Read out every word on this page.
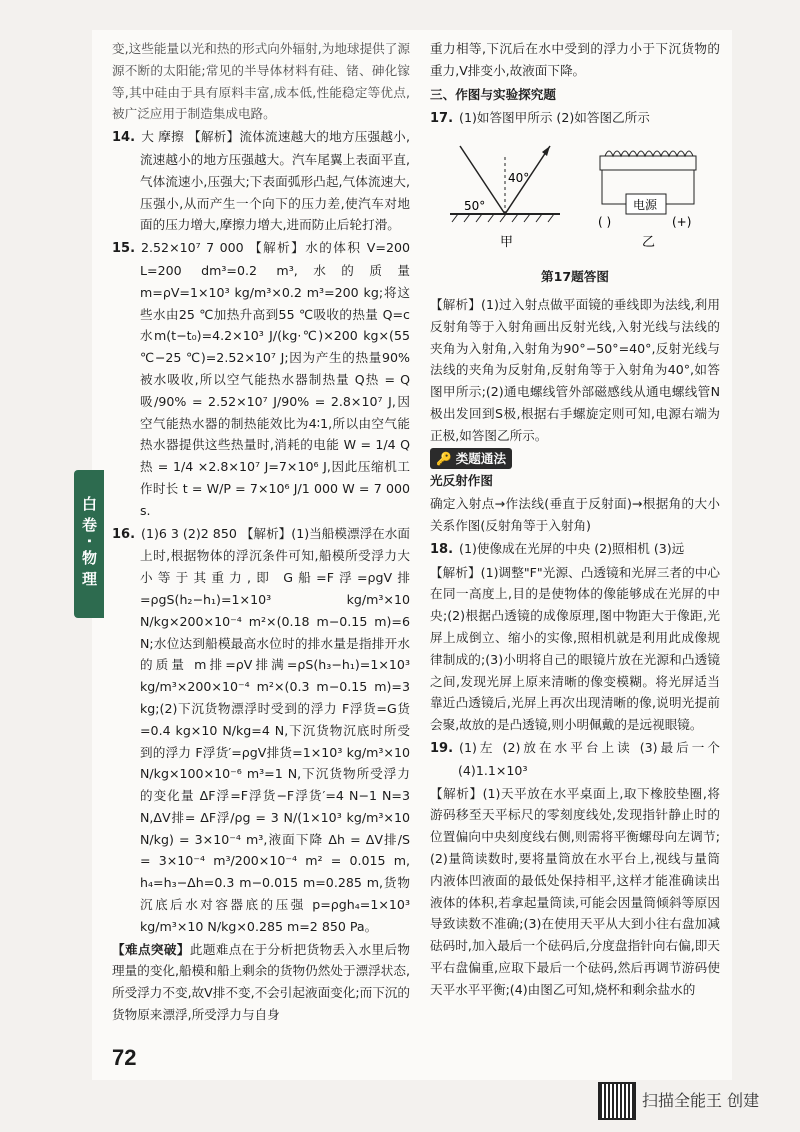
白卷·物理

变,这些能量以光和热的形式向外辐射,为地球提供了源源不断的太阳能;常见的半导体材料有硅、锗、砷化镓等,其中硅由于具有原料丰富,成本低,性能稳定等优点,被广泛应用于制造集成电路。

14. 大 摩擦 【解析】流体流速越大的地方压强越小,流速越小的地方压强越大。汽车尾翼上表面平直,气体流速小,压强大;下表面弧形凸起,气体流速大,压强小,从而产生一个向下的压力差,使汽车对地面的压力增大,摩擦力增大,进而防止后轮打滑。

15. 2.52×10⁷ 7 000 【解析】水的体积 V=200 L=200 dm³=0.2 m³,水的质量 m=ρV=1×10³ kg/m³×0.2 m³=200 kg;将这些水由25 ℃加热升高到55 ℃吸收的热量 Q=c水m(t−t₀)=4.2×10³ J/(kg·℃)×200 kg×(55 ℃−25 ℃)=2.52×10⁷ J;因为产生的热量90%被水吸收,所以空气能热水器制热量 Q热 = Q吸/90% = 2.52×10⁷ J/90% = 2.8×10⁷ J,因空气能热水器的制热能效比为4∶1,所以由空气能热水器提供这些热量时,消耗的电能 W = 1/4 Q热 = 1/4 ×2.8×10⁷ J=7×10⁶ J,因此压缩机工作时长 t = W/P = 7×10⁶ J/1 000 W = 7 000 s.

16. (1)6 3 (2)2 850 【解析】(1)当船模漂浮在水面上时,根据物体的浮沉条件可知,船模所受浮力大小等于其重力,即 G船=F浮=ρgV排=ρgS(h₂−h₁)=1×10³ kg/m³×10 N/kg×200×10⁻⁴ m²×(0.18 m−0.15 m)=6 N;水位达到船模最高水位时的排水量是指排开水的质量 m排=ρV排满=ρS(h₃−h₁)=1×10³ kg/m³×200×10⁻⁴ m²×(0.3 m−0.15 m)=3 kg;(2)下沉货物漂浮时受到的浮力 F浮货=G货=0.4 kg×10 N/kg=4 N,下沉货物沉底时所受到的浮力 F浮货′=ρgV排货=1×10³ kg/m³×10 N/kg×100×10⁻⁶ m³=1 N,下沉货物所受浮力的变化量 ΔF浮=F浮货−F浮货′=4 N−1 N=3 N,ΔV排= ΔF浮/ρg = 3 N/(1×10³ kg/m³×10 N/kg) = 3×10⁻⁴ m³,液面下降 Δh = ΔV排/S = 3×10⁻⁴ m³/200×10⁻⁴ m² = 0.015 m, h₄=h₃−Δh=0.3 m−0.015 m=0.285 m,货物沉底后水对容器底的压强 p=ρgh₄=1×10³ kg/m³×10 N/kg×0.285 m=2 850 Pa。

【难点突破】此题难点在于分析把货物丢入水里后物理量的变化,船模和船上剩余的货物仍然处于漂浮状态,所受浮力不变,故V排不变,不会引起液面变化;而下沉的货物原来漂浮,所受浮力与自身

重力相等,下沉后在水中受到的浮力小于下沉货物的重力,V排变小,故液面下降。

三、作图与实验探究题

17. (1)如答图甲所示 (2)如答图乙所示

50°
40°
甲
电源
( )	(+)
乙

第17题答图

【解析】(1)过入射点做平面镜的垂线即为法线,利用反射角等于入射角画出反射光线,入射光线与法线的夹角为入射角,入射角为90°−50°=40°,反射光线与法线的夹角为反射角,反射角等于入射角为40°,如答图甲所示;(2)通电螺线管外部磁感线从通电螺线管N极出发回到S极,根据右手螺旋定则可知,电源右端为正极,如答图乙所示。

🔑 类题通法

光反射作图

确定入射点→作法线(垂直于反射面)→根据角的大小关系作图(反射角等于入射角)

18. (1)使像成在光屏的中央 (2)照相机 (3)远

【解析】(1)调整"F"光源、凸透镜和光屏三者的中心在同一高度上,目的是使物体的像能够成在光屏的中央;(2)根据凸透镜的成像原理,图中物距大于像距,光屏上成倒立、缩小的实像,照相机就是利用此成像规律制成的;(3)小明将自己的眼镜片放在光源和凸透镜之间,发现光屏上原来清晰的像变模糊。将光屏适当靠近凸透镜后,光屏上再次出现清晰的像,说明光提前会聚,故放的是凸透镜,则小明佩戴的是远视眼镜。

19. (1)左 (2)放在水平台上读 (3)最后一个 (4)1.1×10³

【解析】(1)天平放在水平桌面上,取下橡胶垫圈,将游码移至天平标尺的零刻度线处,发现指针静止时的位置偏向中央刻度线右侧,则需将平衡螺母向左调节;(2)量筒读数时,要将量筒放在水平台上,视线与量筒内液体凹液面的最低处保持相平,这样才能准确读出液体的体积,若拿起量筒读,可能会因量筒倾斜等原因导致读数不准确;(3)在使用天平从大到小往右盘加减砝码时,加入最后一个砝码后,分度盘指针向右偏,即天平右盘偏重,应取下最后一个砝码,然后再调节游码使天平水平平衡;(4)由图乙可知,烧杯和剩余盐水的

72
扫描全能王 创建
